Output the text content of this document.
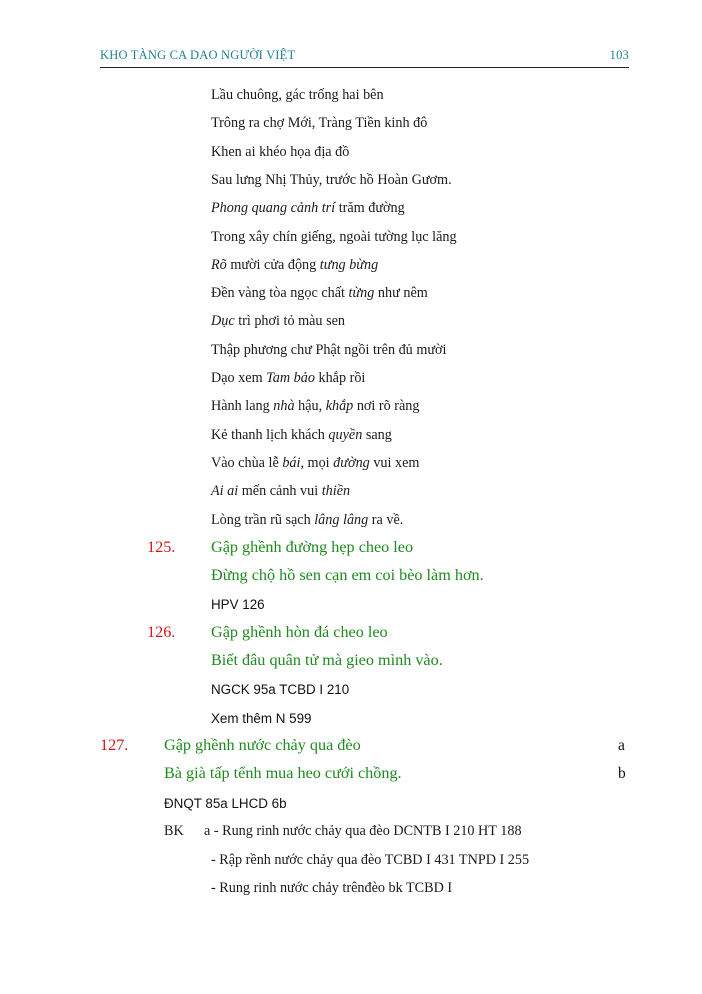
KHO TÀNG CA DAO NGƯỜI VIỆT	103
Lầu chuông, gác trống hai bên
Trông ra chợ Mới, Tràng Tiền kinh đô
Khen ai khéo họa địa đồ
Sau lưng Nhị Thủy, trước hồ Hoàn Gươm.
Phong quang cảnh trí trăm đường
Trong xây chín giếng, ngoài tường lục lăng
Rõ mười cửa động tưng bừng
Đền vàng tòa ngọc chất từng như nêm
Dục trì phơi tỏ màu sen
Thập phương chư Phật ngồi trên đủ mười
Dạo xem Tam bảo khắp rồi
Hành lang nhà hậu, khắp nơi rõ ràng
Kẻ thanh lịch khách quyền sang
Vào chùa lễ bái, mọi đường vui xem
Ai ai mến cảnh vui thiền
Lòng trần rũ sạch lâng lâng ra về.
125. Gập ghềnh đường hẹp cheo leo
Đừng chộ hồ sen cạn em coi bèo làm hơn.
HPV 126
126. Gập ghềnh hòn đá cheo leo
Biết đâu quân tử mà gieo mình vào.
NGCK 95a TCBD I 210
Xem thêm N 599
127. Gập ghềnh nước chảy qua đèo	a
Bà già tấp tểnh mua heo cưới chồng.	b
ĐNQT 85a LHCD 6b
BK a - Rung rinh nước chảy qua đèo DCNTB I 210 HT 188
- Rập rềnh nước chảy qua đèo TCBD I 431 TNPD I 255
- Rung rinh nước chảy trênđèo bk TCBD I
